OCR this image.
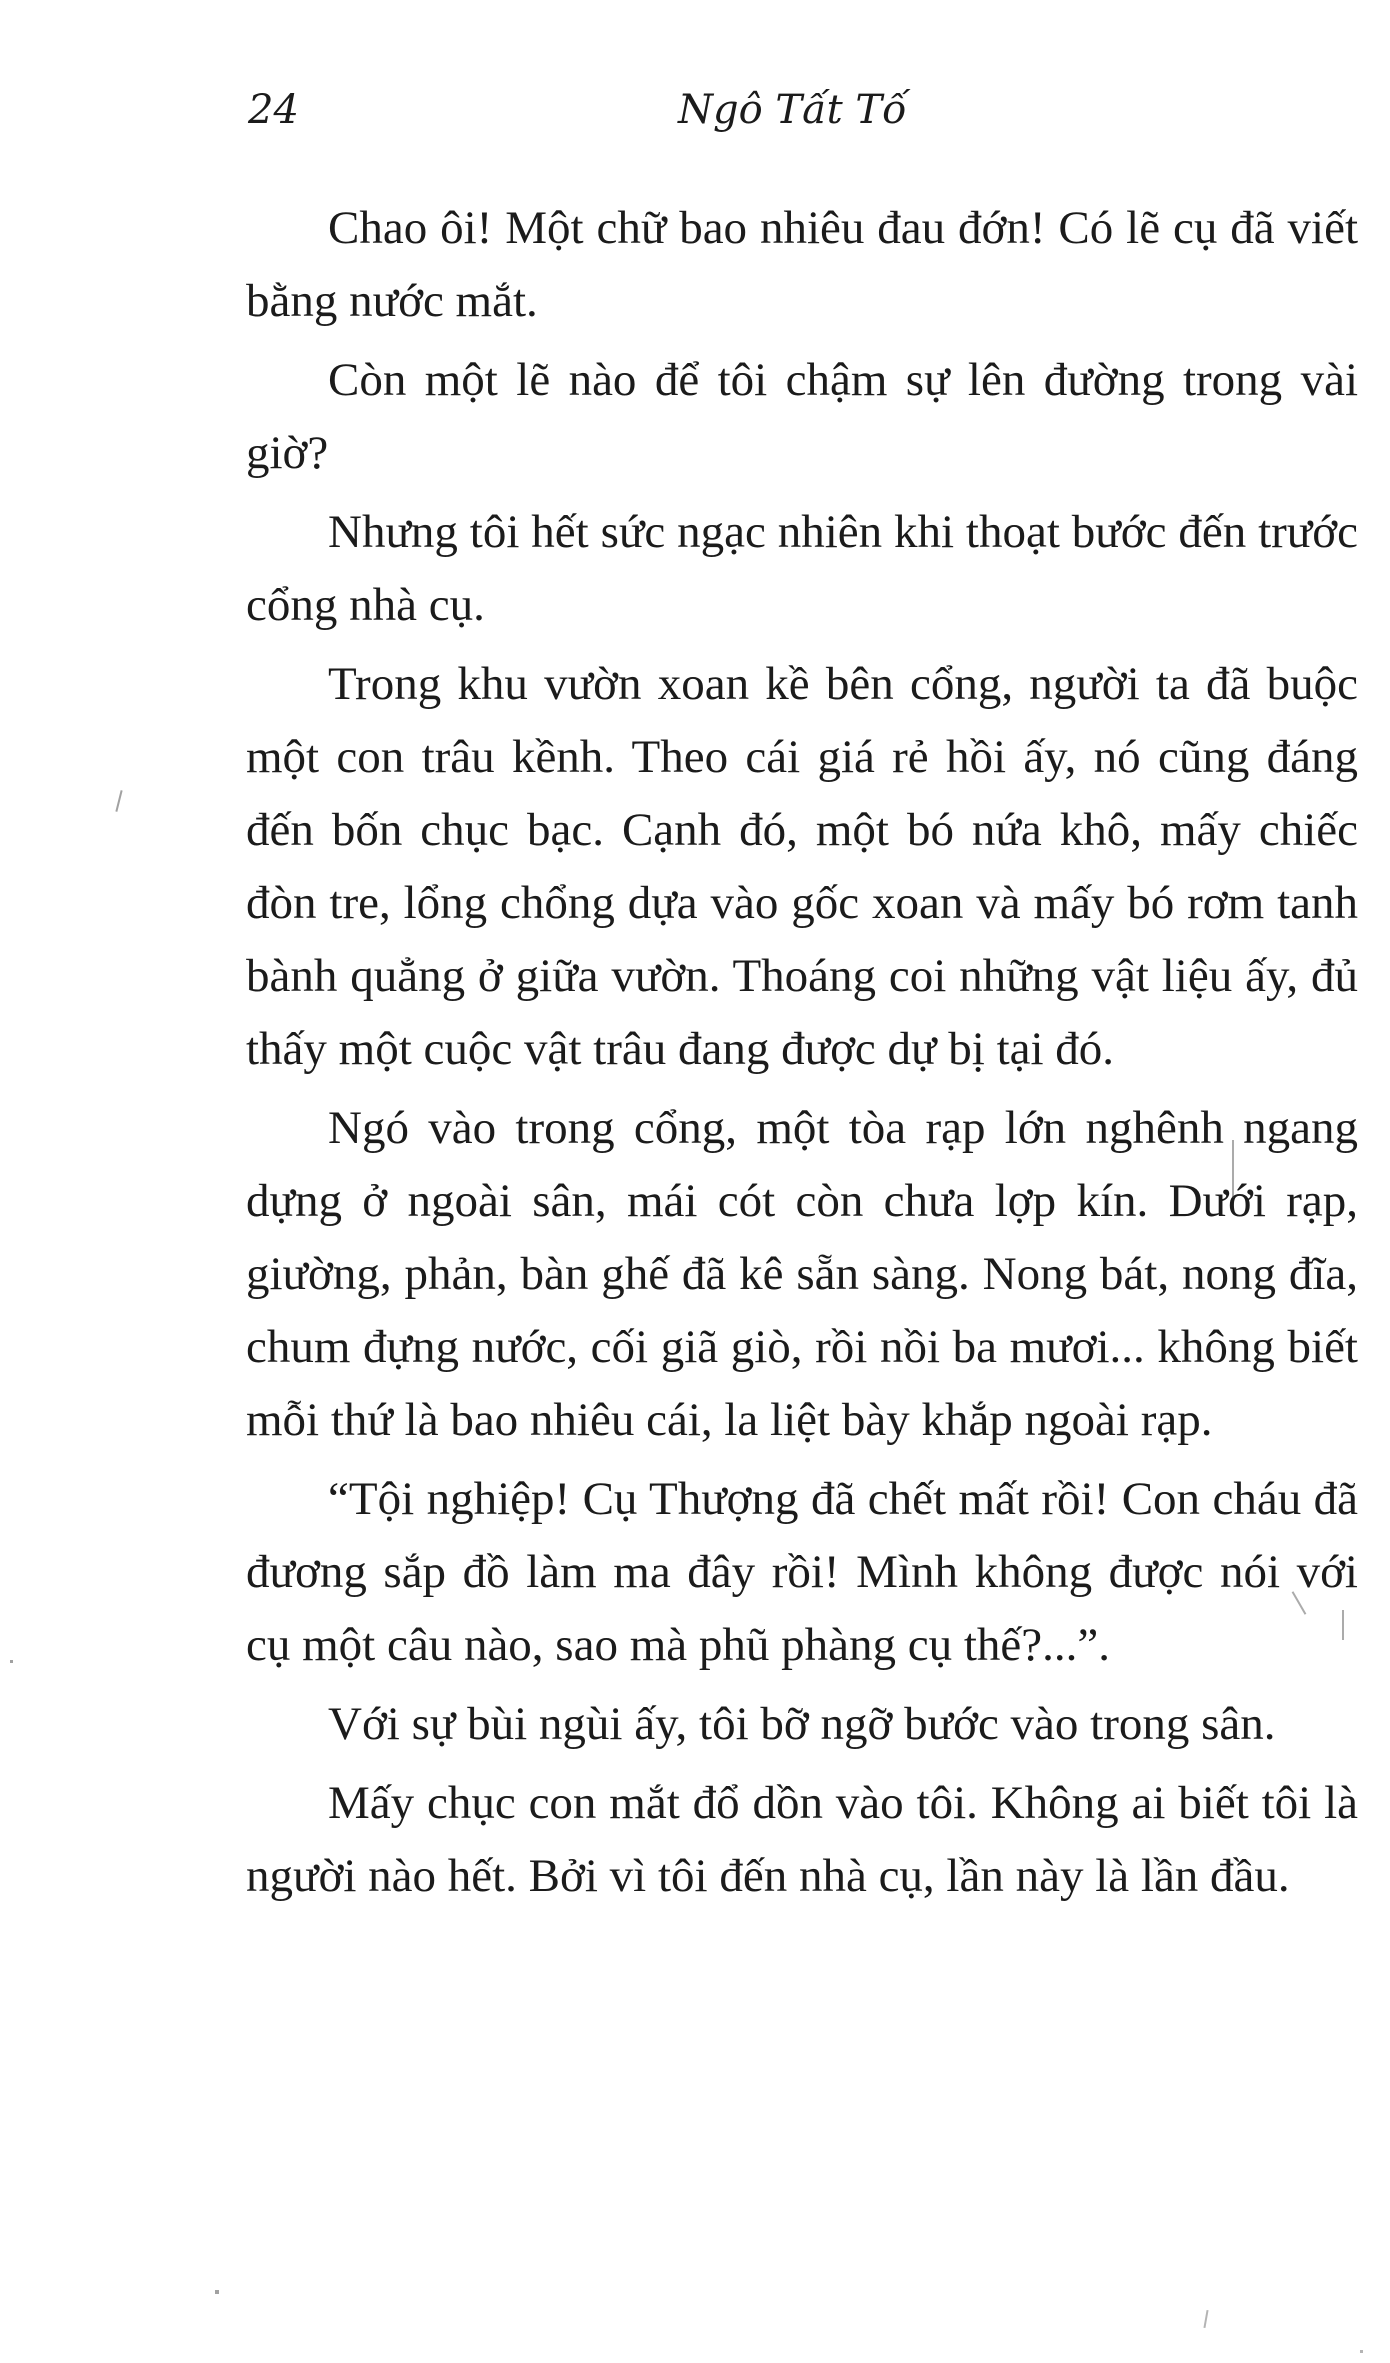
24	Ngô Tất Tố

Chao ôi! Một chữ bao nhiêu đau đớn! Có lẽ cụ đã viết bằng nước mắt.

Còn một lẽ nào để tôi chậm sự lên đường trong vài giờ?

Nhưng tôi hết sức ngạc nhiên khi thoạt bước đến trước cổng nhà cụ.

Trong khu vườn xoan kề bên cổng, người ta đã buộc một con trâu kềnh. Theo cái giá rẻ hồi ấy, nó cũng đáng đến bốn chục bạc. Cạnh đó, một bó nứa khô, mấy chiếc đòn tre, lổng chổng dựa vào gốc xoan và mấy bó rơm tanh bành quẳng ở giữa vườn. Thoáng coi những vật liệu ấy, đủ thấy một cuộc vật trâu đang được dự bị tại đó.

Ngó vào trong cổng, một tòa rạp lớn nghênh ngang dựng ở ngoài sân, mái cót còn chưa lợp kín. Dưới rạp, giường, phản, bàn ghế đã kê sẵn sàng. Nong bát, nong đĩa, chum đựng nước, cối giã giò, rồi nồi ba mươi... không biết mỗi thứ là bao nhiêu cái, la liệt bày khắp ngoài rạp.

“Tội nghiệp! Cụ Thượng đã chết mất rồi! Con cháu đã đương sắp đồ làm ma đây rồi! Mình không được nói với cụ một câu nào, sao mà phũ phàng cụ thế?...”.

Với sự bùi ngùi ấy, tôi bỡ ngỡ bước vào trong sân.

Mấy chục con mắt đổ dồn vào tôi. Không ai biết tôi là người nào hết. Bởi vì tôi đến nhà cụ, lần này là lần đầu.
